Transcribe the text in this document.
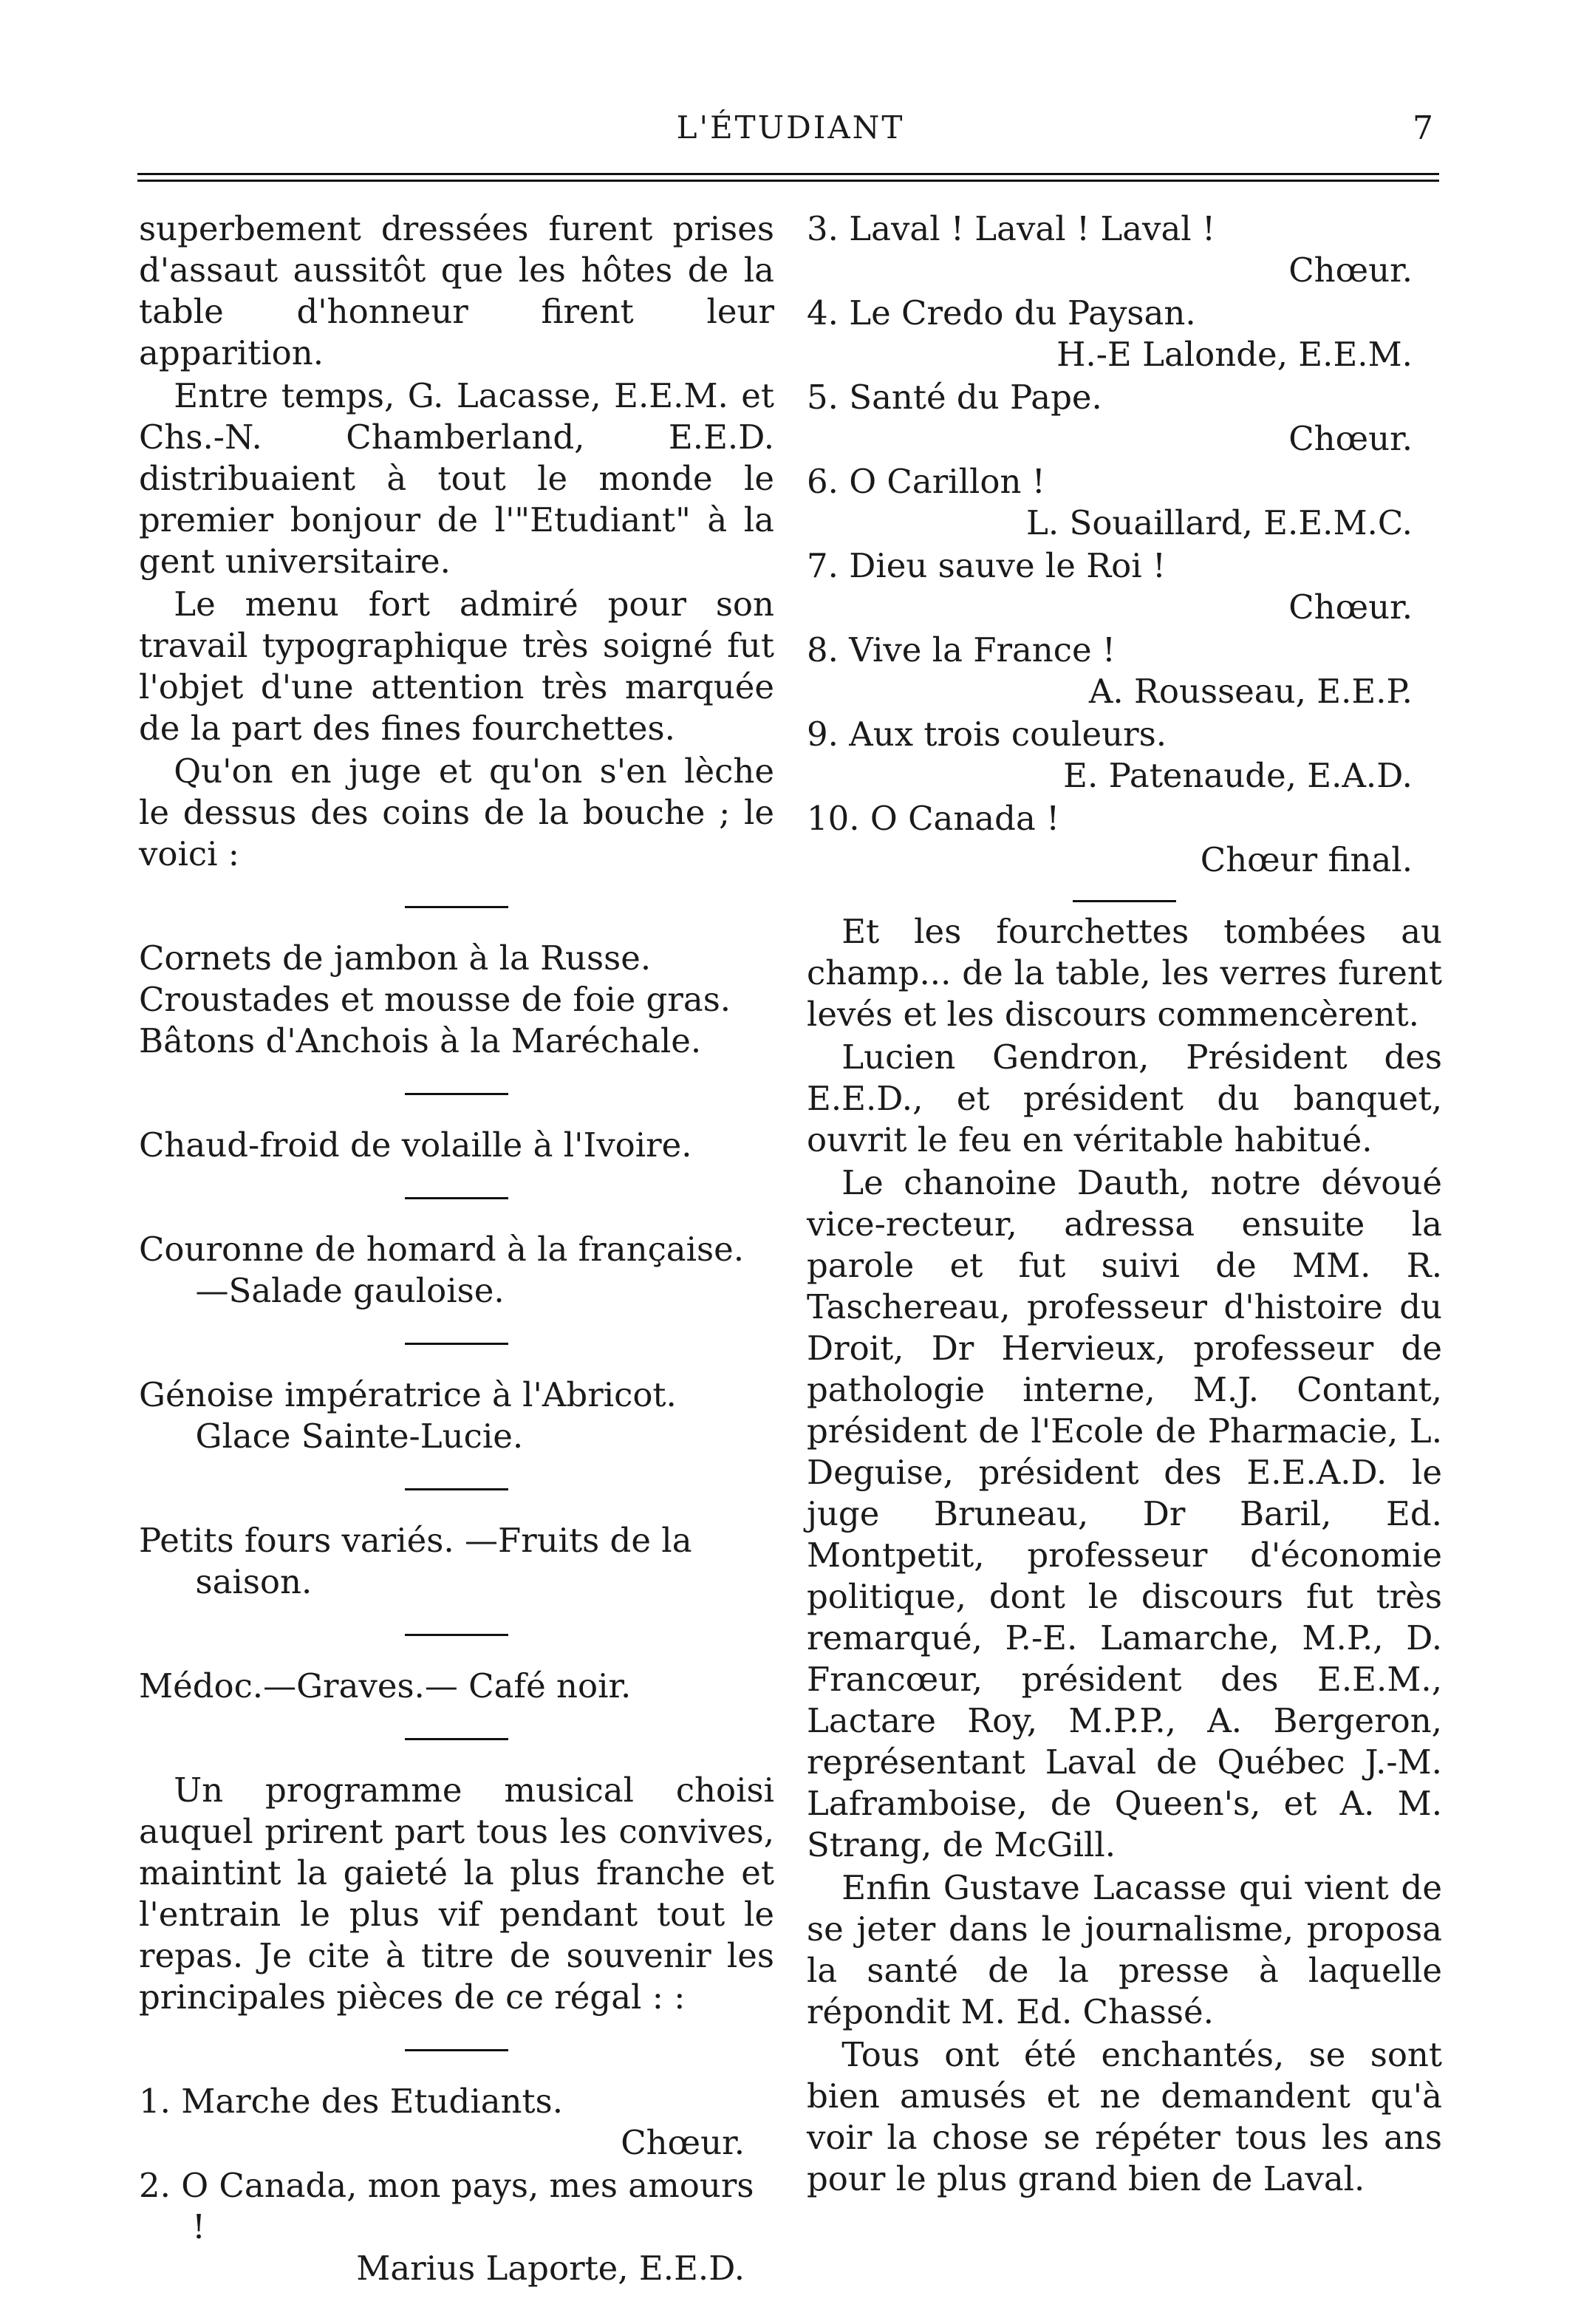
L'ÉTUDIANT	7

superbement dressées furent prises d'assaut aussitôt que les hôtes de la table d'honneur firent leur apparition.

Entre temps, G. Lacasse, E.E.M. et Chs.-N. Chamberland, E.E.D. distribuaient à tout le monde le premier bonjour de l'"Etudiant" à la gent universitaire.

Le menu fort admiré pour son travail typographique très soigné fut l'objet d'une attention très marquée de la part des fines fourchettes.

Qu'on en juge et qu'on s'en lèche le dessus des coins de la bouche ; le voici :

Cornets de jambon à la Russe.
Croustades et mousse de foie gras.
Bâtons d'Anchois à la Maréchale.
Chaud-froid de volaille à l'Ivoire.
Couronne de homard à la française.—Salade gauloise.
Génoise impératrice à l'Abricot. Glace Sainte-Lucie.
Petits fours variés. —Fruits de la saison.
Médoc.—Graves.— Café noir.

Un programme musical choisi auquel prirent part tous les convives, maintint la gaieté la plus franche et l'entrain le plus vif pendant tout le repas. Je cite à titre de souvenir les principales pièces de ce régal : :

1. Marche des Etudiants.
Chœur.
2. O Canada, mon pays, mes amours !
Marius Laporte, E.E.D.
3. Laval ! Laval ! Laval !
Chœur.
4. Le Credo du Paysan.
H.-E Lalonde, E.E.M.
5. Santé du Pape.
Chœur.
6. O Carillon !
L. Souaillard, E.E.M.C.
7. Dieu sauve le Roi !
Chœur.
8. Vive la France !
A. Rousseau, E.E.P.
9. Aux trois couleurs.
E. Patenaude, E.A.D.
10. O Canada !
Chœur final.

Et les fourchettes tombées au champ... de la table, les verres furent levés et les discours commencèrent.

Lucien Gendron, Président des E.E.D., et président du banquet, ouvrit le feu en véritable habitué.

Le chanoine Dauth, notre dévoué vice-recteur, adressa ensuite la parole et fut suivi de MM. R. Taschereau, professeur d'histoire du Droit, Dr Hervieux, professeur de pathologie interne, M.J. Contant, président de l'Ecole de Pharmacie, L. Deguise, président des E.E.A.D. le juge Bruneau, Dr Baril, Ed. Montpetit, professeur d'économie politique, dont le discours fut très remarqué, P.-E. Lamarche, M.P., D. Francœur, président des E.E.M., Lactare Roy, M.P.P., A. Bergeron, représentant Laval de Québec J.-M. Laframboise, de Queen's, et A. M. Strang, de McGill.

Enfin Gustave Lacasse qui vient de se jeter dans le journalisme, proposa la santé de la presse à laquelle répondit M. Ed. Chassé.

Tous ont été enchantés, se sont bien amusés et ne demandent qu'à voir la chose se répéter tous les ans pour le plus grand bien de Laval.
